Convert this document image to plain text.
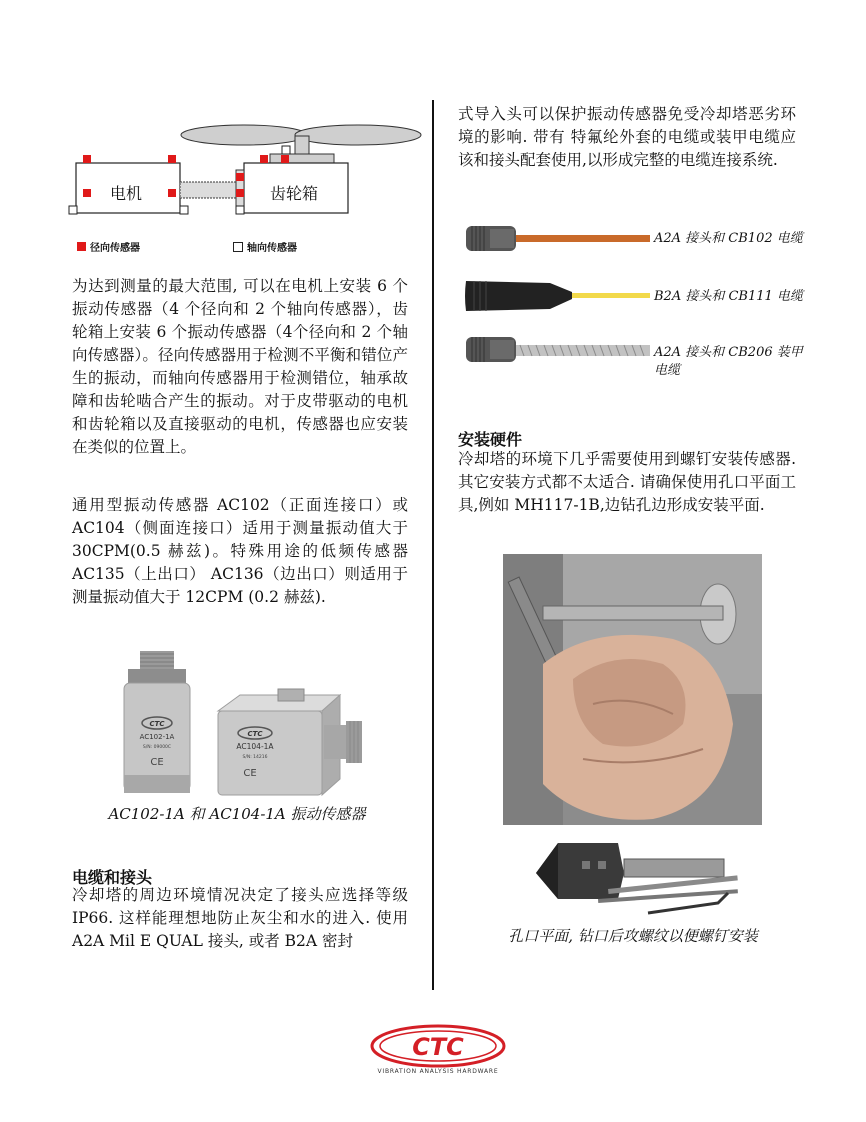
电机	齿轮箱
径向传感器	轴向传感器
为达到测量的最大范围, 可以在电机上安装 6 个振动传感器（4 个径向和 2 个轴向传感器），齿轮箱上安装 6 个振动传感器（4个径向和 2 个轴向传感器）。径向传感器用于检测不平衡和错位产生的振动，而轴向传感器用于检测错位，轴承故障和齿轮啮合产生的振动。对于皮带驱动的电机和齿轮箱以及直接驱动的电机，传感器也应安装在类似的位置上。
通用型振动传感器 AC102（正面连接口）或 AC104（侧面连接口）适用于测量振动值大于 30CPM(0.5 赫兹)。特殊用途的低频传感器 AC135（上出口） AC136（边出口）则适用于测量振动值大于 12CPM (0.2 赫兹).
CTC
AC102-1A
S/N: 09000C
CE
CTC
AC104-1A
S/N: 14216
CE
AC102-1A 和 AC104-1A 振动传感器
电缆和接头
冷却塔的周边环境情况决定了接头应选择等级 IP66. 这样能理想地防止灰尘和水的进入. 使用 A2A Mil E QUAL 接头, 或者 B2A 密封
式导入头可以保护振动传感器免受冷却塔恶劣环境的影响. 带有 特氟纶外套的电缆或装甲电缆应该和接头配套使用,以形成完整的电缆连接系统.
A2A 接头和 CB102 电缆
B2A 接头和 CB111 电缆
A2A 接头和 CB206 装甲电缆
安装硬件
冷却塔的环境下几乎需要使用到螺钉安装传感器.其它安装方式都不太适合. 请确保使用孔口平面工具,例如 MH117-1B,边钻孔边形成安装平面.
孔口平面, 钻口后攻螺纹以便螺钉安装
CTC
VIBRATION ANALYSIS HARDWARE
